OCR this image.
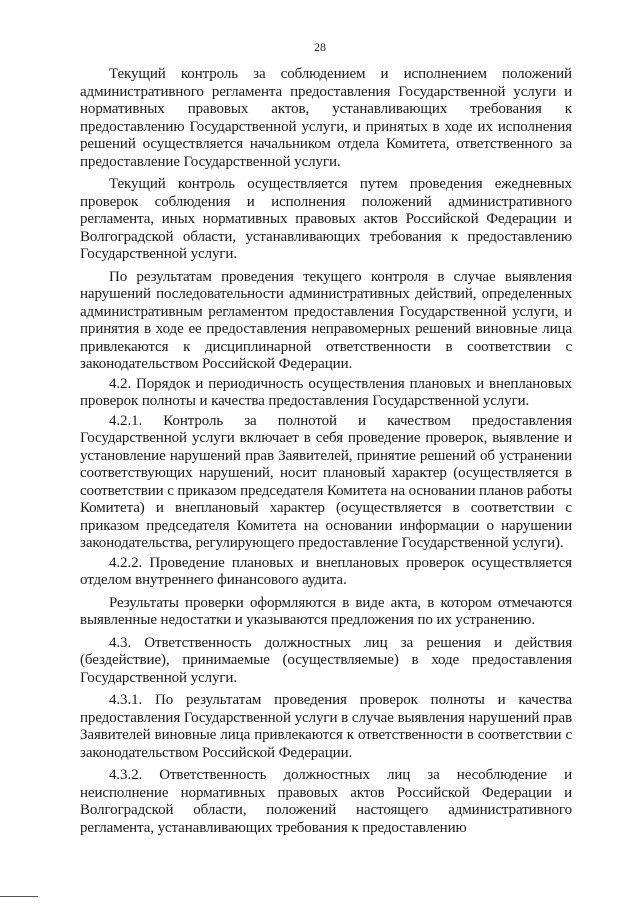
28

Текущий контроль за соблюдением и исполнением положений административного регламента предоставления Государственной услуги и нормативных правовых актов, устанавливающих требования к предоставлению Государственной услуги, и принятых в ходе их исполнения решений осуществляется начальником отдела Комитета, ответственного за предоставление Государственной услуги.

Текущий контроль осуществляется путем проведения ежедневных проверок соблюдения и исполнения положений административного регламента, иных нормативных правовых актов Российской Федерации и Волгоградской области, устанавливающих требования к предоставлению Государственной услуги.

По результатам проведения текущего контроля в случае выявления нарушений последовательности административных действий, определенных административным регламентом предоставления Государственной услуги, и принятия в ходе ее предоставления неправомерных решений виновные лица привлекаются к дисциплинарной ответственности в соответствии с законодательством Российской Федерации.

4.2. Порядок и периодичность осуществления плановых и внеплановых проверок полноты и качества предоставления Государственной услуги.

4.2.1. Контроль за полнотой и качеством предоставления Государственной услуги включает в себя проведение проверок, выявление и установление нарушений прав Заявителей, принятие решений об устранении соответствующих нарушений, носит плановый характер (осуществляется в соответствии с приказом председателя Комитета на основании планов работы Комитета) и внеплановый характер (осуществляется в соответствии с приказом председателя Комитета на основании информации о нарушении законодательства, регулирующего предоставление Государственной услуги).

4.2.2. Проведение плановых и внеплановых проверок осуществляется отделом внутреннего финансового аудита.

Результаты проверки оформляются в виде акта, в котором отмечаются выявленные недостатки и указываются предложения по их устранению.

4.3. Ответственность должностных лиц за решения и действия (бездействие), принимаемые (осуществляемые) в ходе предоставления Государственной услуги.

4.3.1. По результатам проведения проверок полноты и качества предоставления Государственной услуги в случае выявления нарушений прав Заявителей виновные лица привлекаются к ответственности в соответствии с законодательством Российской Федерации.

4.3.2. Ответственность должностных лиц за несоблюдение и неисполнение нормативных правовых актов Российской Федерации и Волгоградской области, положений настоящего административного регламента, устанавливающих требования к предоставлению
